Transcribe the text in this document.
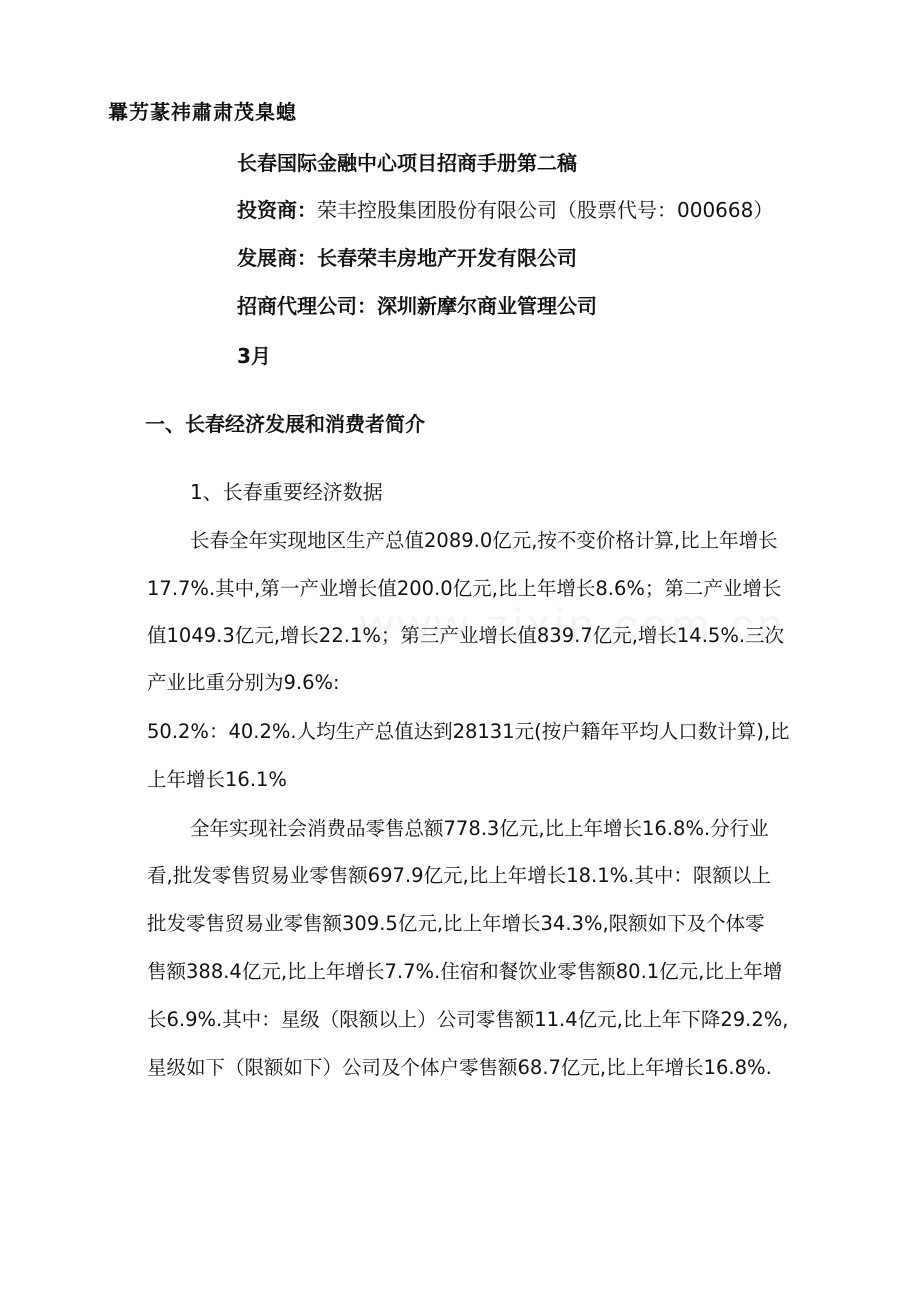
羃艻蒃祎肅肃茂臬螅
长春国际金融中心项目招商手册第二稿
投资商：荣丰控股集团股份有限公司（股票代号：000668）
发展商：长春荣丰房地产开发有限公司
招商代理公司：深圳新摩尔商业管理公司
3月
一、长春经济发展和消费者简介
1、长春重要经济数据
长春全年实现地区生产总值2089.0亿元,按不变价格计算,比上年增长
17.7%.其中,第一产业增长值200.0亿元,比上年增长8.6%；第二产业增长
值1049.3亿元,增长22.1%；第三产业增长值839.7亿元,增长14.5%.三次
产业比重分别为9.6%:
50.2%：40.2%.人均生产总值达到28131元(按户籍年平均人口数计算),比
上年增长16.1%
全年实现社会消费品零售总额778.3亿元,比上年增长16.8%.分行业
看,批发零售贸易业零售额697.9亿元,比上年增长18.1%.其中：限额以上
批发零售贸易业零售额309.5亿元,比上年增长34.3%,限额如下及个体零
售额388.4亿元,比上年增长7.7%.住宿和餐饮业零售额80.1亿元,比上年增
长6.9%.其中：星级（限额以上）公司零售额11.4亿元,比上年下降29.2%,
星级如下（限额如下）公司及个体户零售额68.7亿元,比上年增长16.8%.
